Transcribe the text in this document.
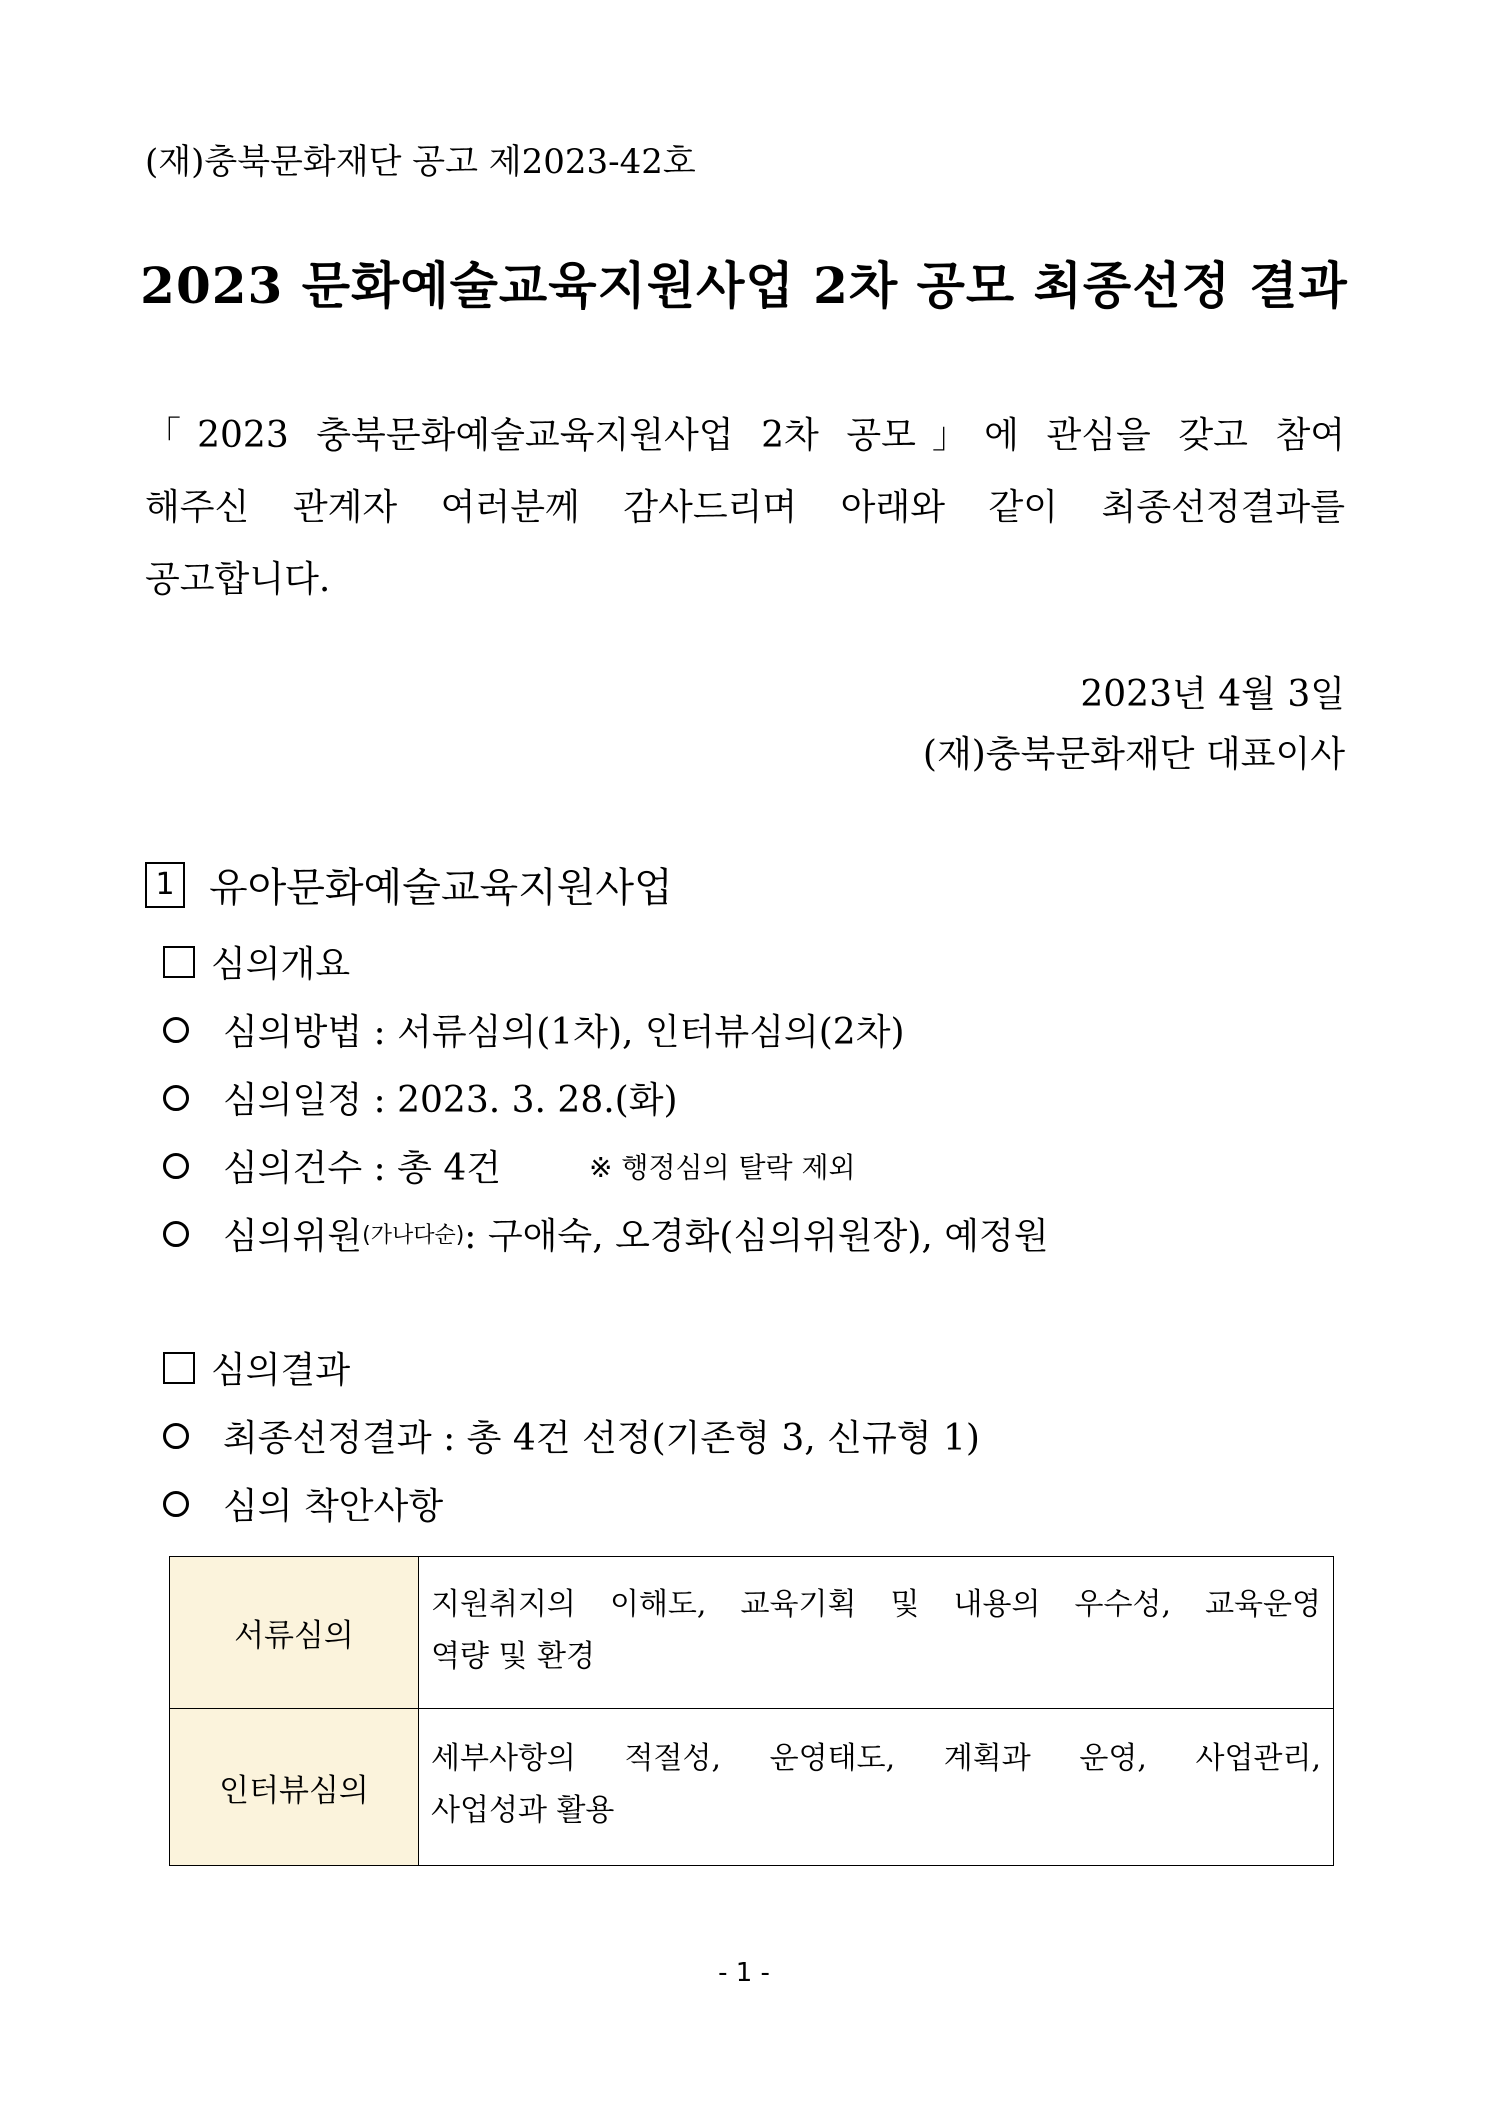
(재)충북문화재단 공고 제2023-42호
2023 문화예술교육지원사업 2차 공모 최종선정 결과
「2023 충북문화예술교육지원사업 2차 공모」에 관심을 갖고 참여
해주신 관계자 여러분께 감사드리며 아래와 같이 최종선정결과를
공고합니다.
2023년 4월 3일
(재)충북문화재단 대표이사
1 유아문화예술교육지원사업
심의개요
심의방법 : 서류심의(1차), 인터뷰심의(2차)
심의일정 : 2023. 3. 28.(화)
심의건수 : 총 4건	※ 행정심의 탈락 제외
심의위원 (가나다순) : 구애숙, 오경화(심의위원장), 예정원
심의결과
최종선정결과 : 총 4건 선정(기존형 3, 신규형 1)
심의 착안사항
서류심의	지원취지의 이해도, 교육기획 및 내용의 우수성, 교육운영
역량 및 환경
인터뷰심의	세부사항의 적절성, 운영태도, 계획과 운영, 사업관리,
사업성과 활용
- 1 -
